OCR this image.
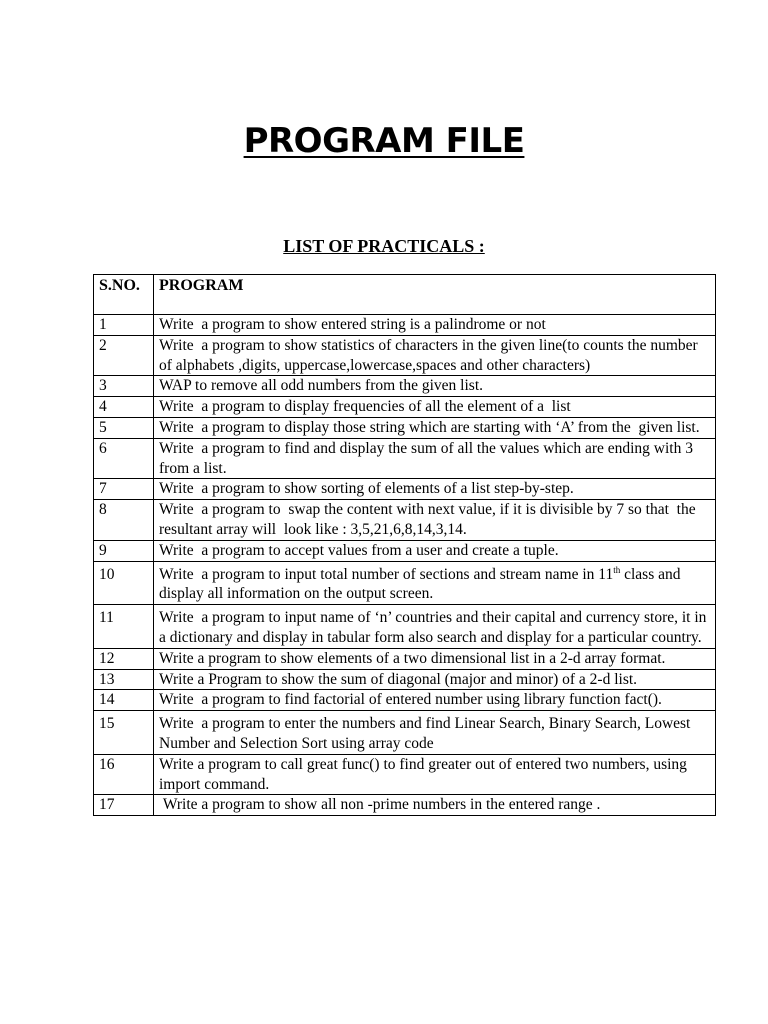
PROGRAM FILE
LIST OF PRACTICALS :
S.NO.	PROGRAM
1	Write  a program to show entered string is a palindrome or not
2	Write  a program to show statistics of characters in the given line(to counts the number of alphabets ,digits, uppercase,lowercase,spaces and other characters)
3	WAP to remove all odd numbers from the given list.
4	Write  a program to display frequencies of all the element of a  list
5	Write  a program to display those string which are starting with ‘A’ from the  given list.
6	Write  a program to find and display the sum of all the values which are ending with 3 from a list.
7	Write  a program to show sorting of elements of a list step-by-step.
8	Write  a program to  swap the content with next value, if it is divisible by 7 so that  the  resultant array will  look like : 3,5,21,6,8,14,3,14.
9	Write  a program to accept values from a user and create a tuple.
10	Write  a program to input total number of sections and stream name in 11th class and display all information on the output screen.
11	Write  a program to input name of ‘n’ countries and their capital and currency store, it in a dictionary and display in tabular form also search and display for a particular country.
12	Write a program to show elements of a two dimensional list in a 2-d array format.
13	Write a Program to show the sum of diagonal (major and minor) of a 2-d list.
14	Write  a program to find factorial of entered number using library function fact().
15	Write  a program to enter the numbers and find Linear Search, Binary Search, Lowest Number and Selection Sort using array code
16	Write a program to call great func() to find greater out of entered two numbers, using import command.
17	Write a program to show all non -prime numbers in the entered range .
